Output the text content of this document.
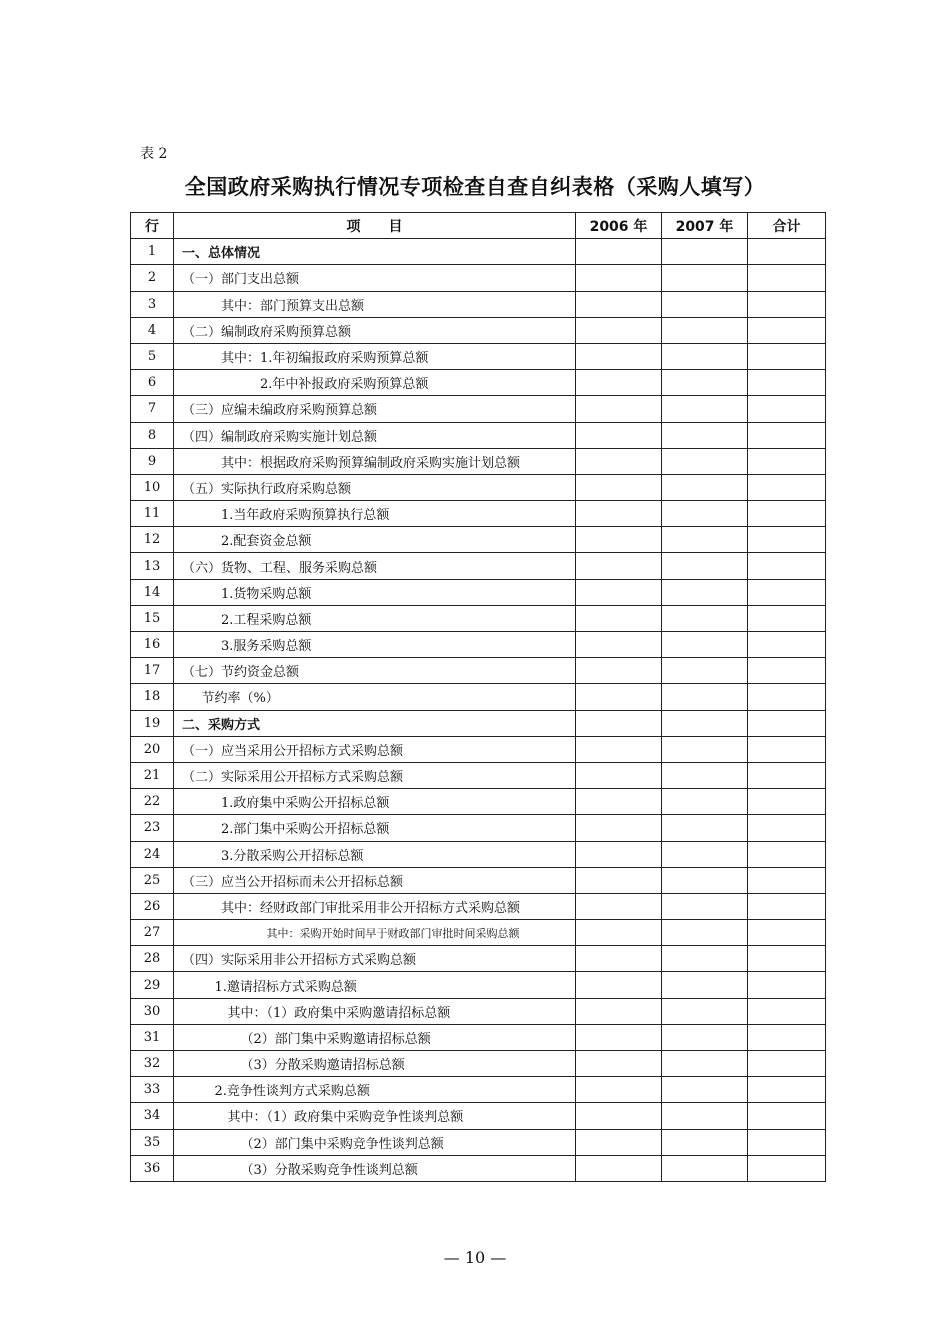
表 2
全国政府采购执行情况专项检查自查自纠表格（采购人填写）
行	项　　目	2006 年	2007 年	合计
1	一、总体情况			
2	（一）部门支出总额			
3	其中：部门预算支出总额			
4	（二）编制政府采购预算总额			
5	其中：1.年初编报政府采购预算总额			
6	2.年中补报政府采购预算总额			
7	（三）应编未编政府采购预算总额			
8	（四）编制政府采购实施计划总额			
9	其中：根据政府采购预算编制政府采购实施计划总额			
10	（五）实际执行政府采购总额			
11	1.当年政府采购预算执行总额			
12	2.配套资金总额			
13	（六）货物、工程、服务采购总额			
14	1.货物采购总额			
15	2.工程采购总额			
16	3.服务采购总额			
17	（七）节约资金总额			
18	节约率（%）			
19	二、采购方式			
20	（一）应当采用公开招标方式采购总额			
21	（二）实际采用公开招标方式采购总额			
22	1.政府集中采购公开招标总额			
23	2.部门集中采购公开招标总额			
24	3.分散采购公开招标总额			
25	（三）应当公开招标而未公开招标总额			
26	其中：经财政部门审批采用非公开招标方式采购总额			
27	其中：采购开始时间早于财政部门审批时间采购总额			
28	（四）实际采用非公开招标方式采购总额			
29	1.邀请招标方式采购总额			
30	其中：（1）政府集中采购邀请招标总额			
31	（2）部门集中采购邀请招标总额			
32	（3）分散采购邀请招标总额			
33	2.竞争性谈判方式采购总额			
34	其中：（1）政府集中采购竞争性谈判总额			
35	（2）部门集中采购竞争性谈判总额			
36	（3）分散采购竞争性谈判总额			
— 10 —
